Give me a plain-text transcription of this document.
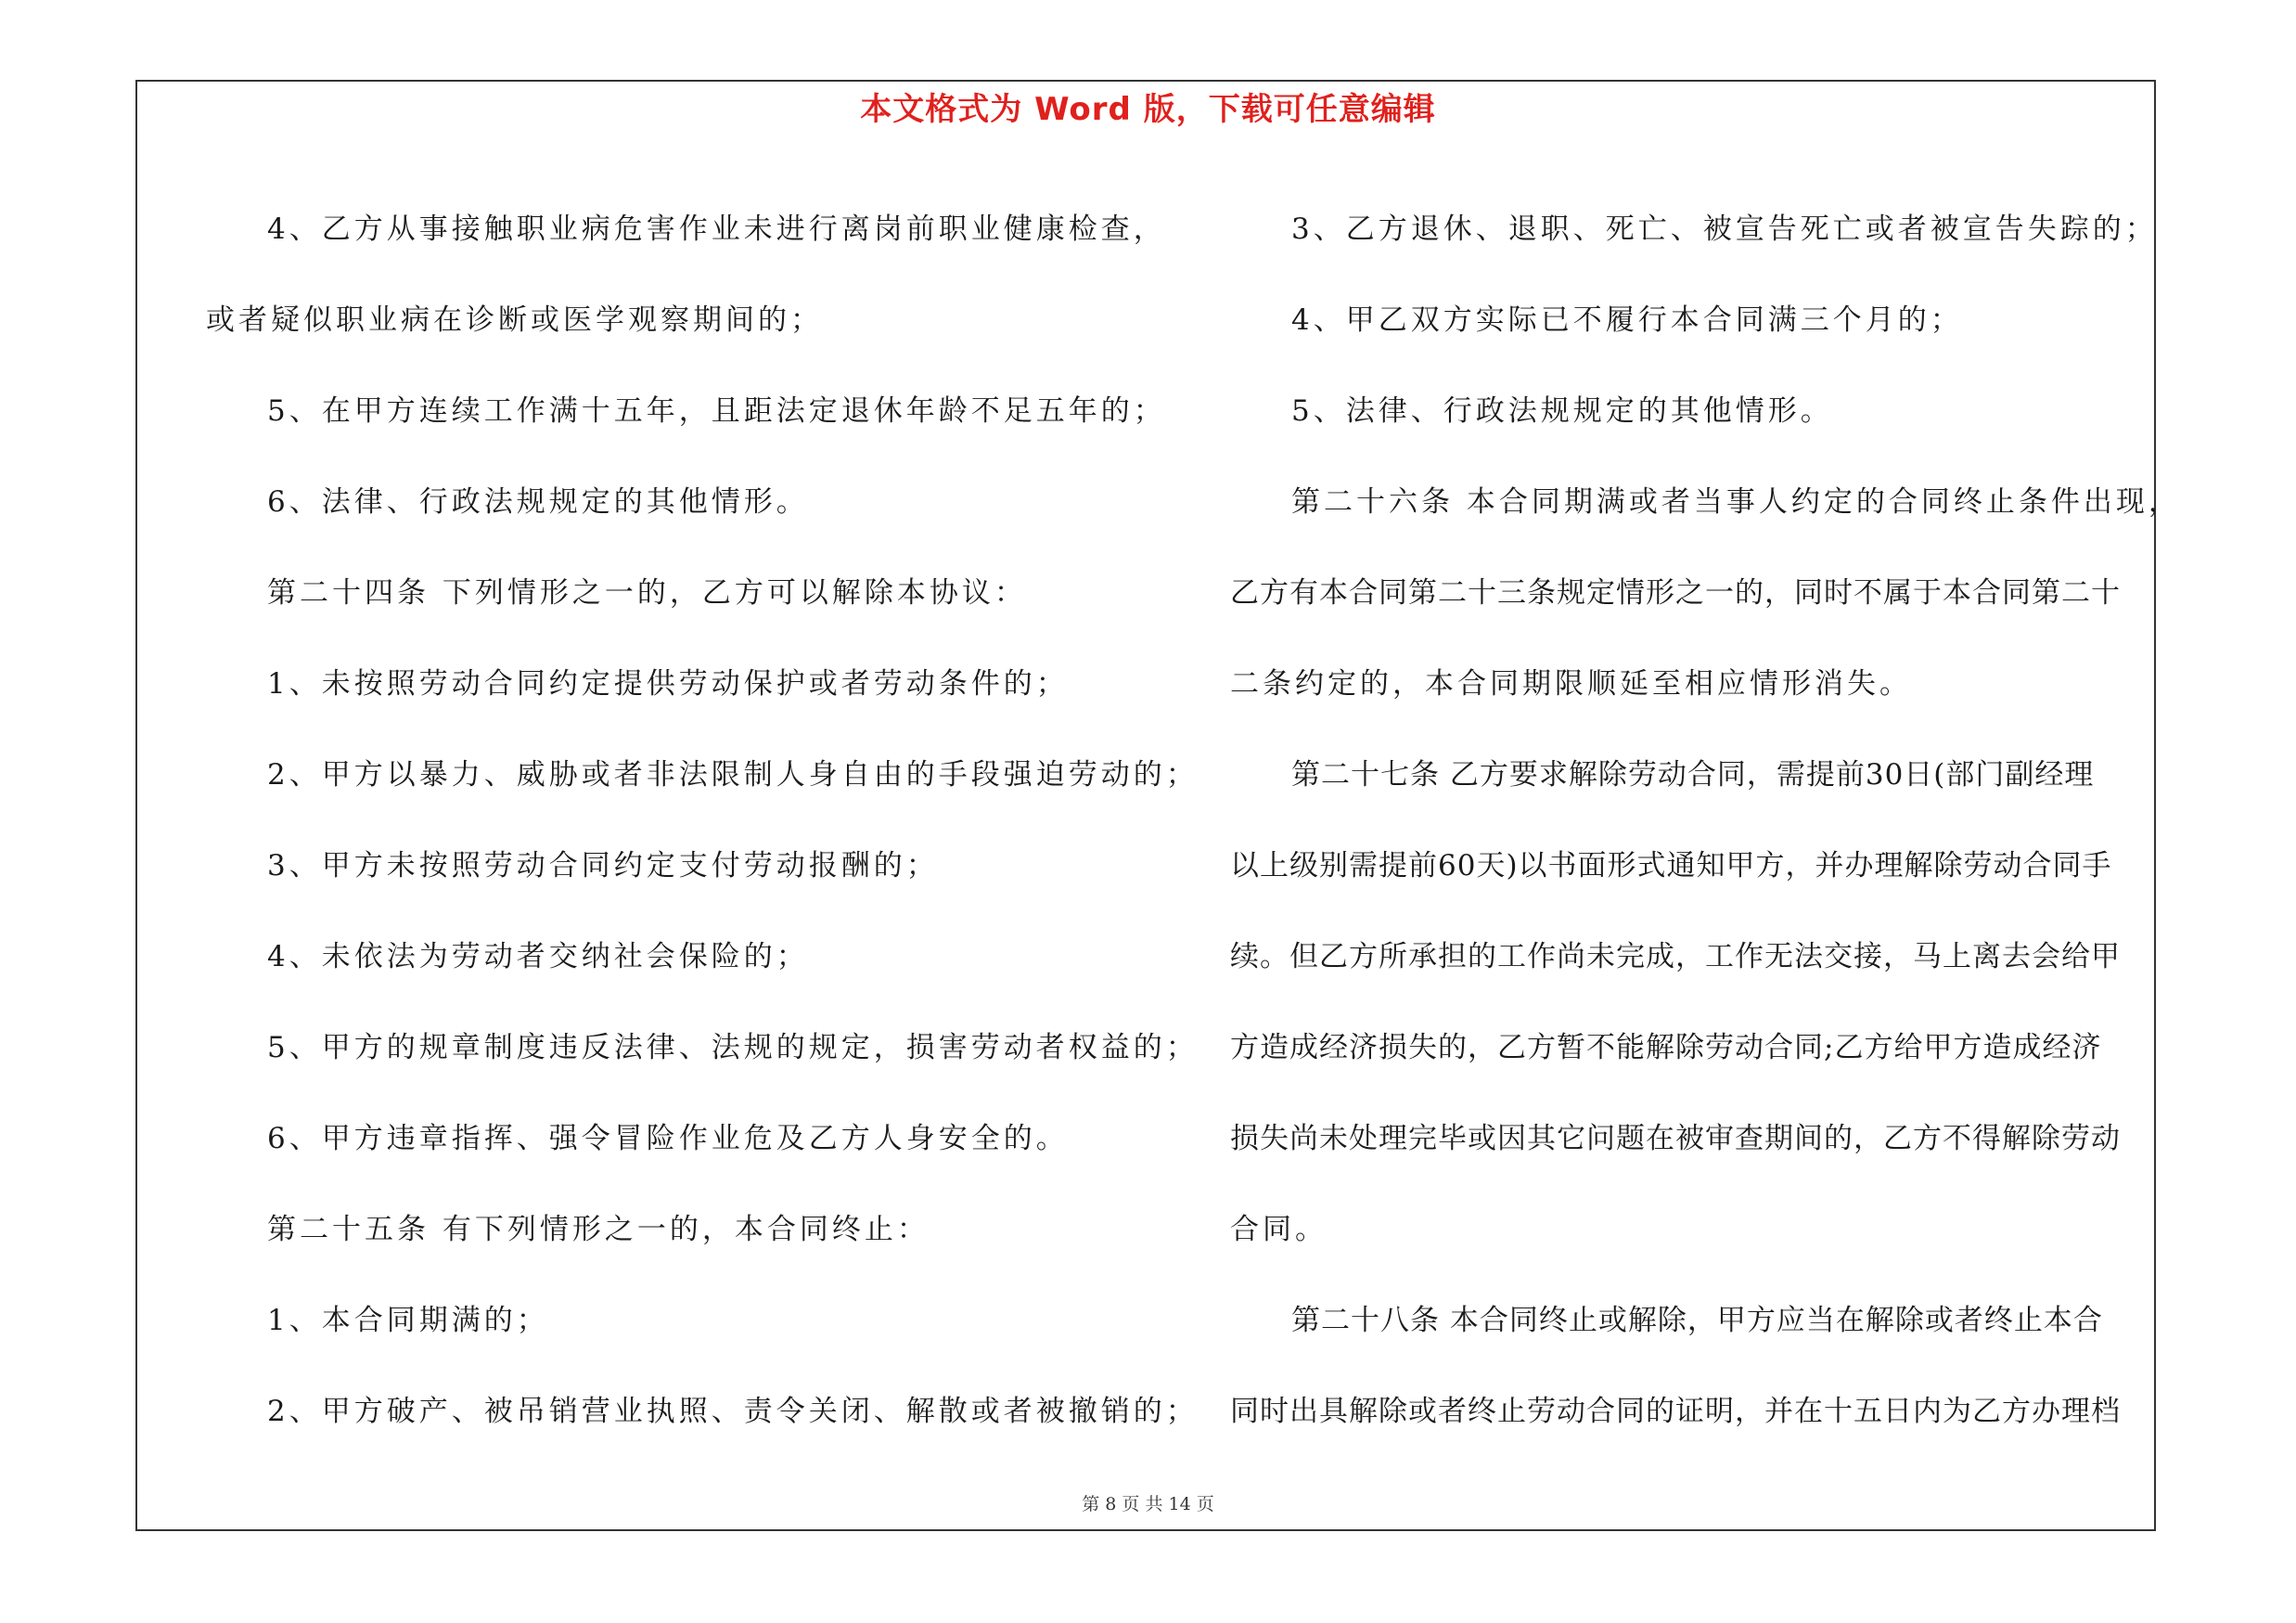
本文格式为 Word 版，下载可任意编辑
4、乙方从事接触职业病危害作业未进行离岗前职业健康检查，
或者疑似职业病在诊断或医学观察期间的；
5、在甲方连续工作满十五年，且距法定退休年龄不足五年的；
6、法律、行政法规规定的其他情形。
第二十四条 下列情形之一的，乙方可以解除本协议：
1、未按照劳动合同约定提供劳动保护或者劳动条件的；
2、甲方以暴力、威胁或者非法限制人身自由的手段强迫劳动的；
3、甲方未按照劳动合同约定支付劳动报酬的；
4、未依法为劳动者交纳社会保险的；
5、甲方的规章制度违反法律、法规的规定，损害劳动者权益的；
6、甲方违章指挥、强令冒险作业危及乙方人身安全的。
第二十五条 有下列情形之一的，本合同终止：
1、本合同期满的；
2、甲方破产、被吊销营业执照、责令关闭、解散或者被撤销的；
3、乙方退休、退职、死亡、被宣告死亡或者被宣告失踪的；
4、甲乙双方实际已不履行本合同满三个月的；
5、法律、行政法规规定的其他情形。
第二十六条 本合同期满或者当事人约定的合同终止条件出现，
乙方有本合同第二十三条规定情形之一的，同时不属于本合同第二十
二条约定的，本合同期限顺延至相应情形消失。
第二十七条 乙方要求解除劳动合同，需提前30日(部门副经理
以上级别需提前60天)以书面形式通知甲方，并办理解除劳动合同手
续。但乙方所承担的工作尚未完成，工作无法交接，马上离去会给甲
方造成经济损失的，乙方暂不能解除劳动合同;乙方给甲方造成经济
损失尚未处理完毕或因其它问题在被审查期间的，乙方不得解除劳动
合同。
第二十八条 本合同终止或解除，甲方应当在解除或者终止本合
同时出具解除或者终止劳动合同的证明，并在十五日内为乙方办理档
第 8 页 共 14 页
